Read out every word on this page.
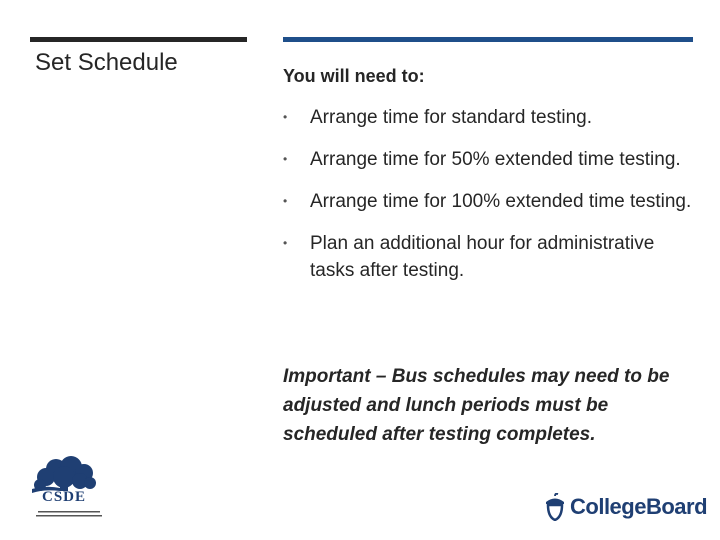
Set Schedule	You will need to:

• Arrange time for standard testing.
• Arrange time for 50% extended time testing.
• Arrange time for 100% extended time testing.
• Plan an additional hour for administrative tasks after testing.

Important – Bus schedules may need to be adjusted and lunch periods must be scheduled after testing completes.

CSDE	CollegeBoard
